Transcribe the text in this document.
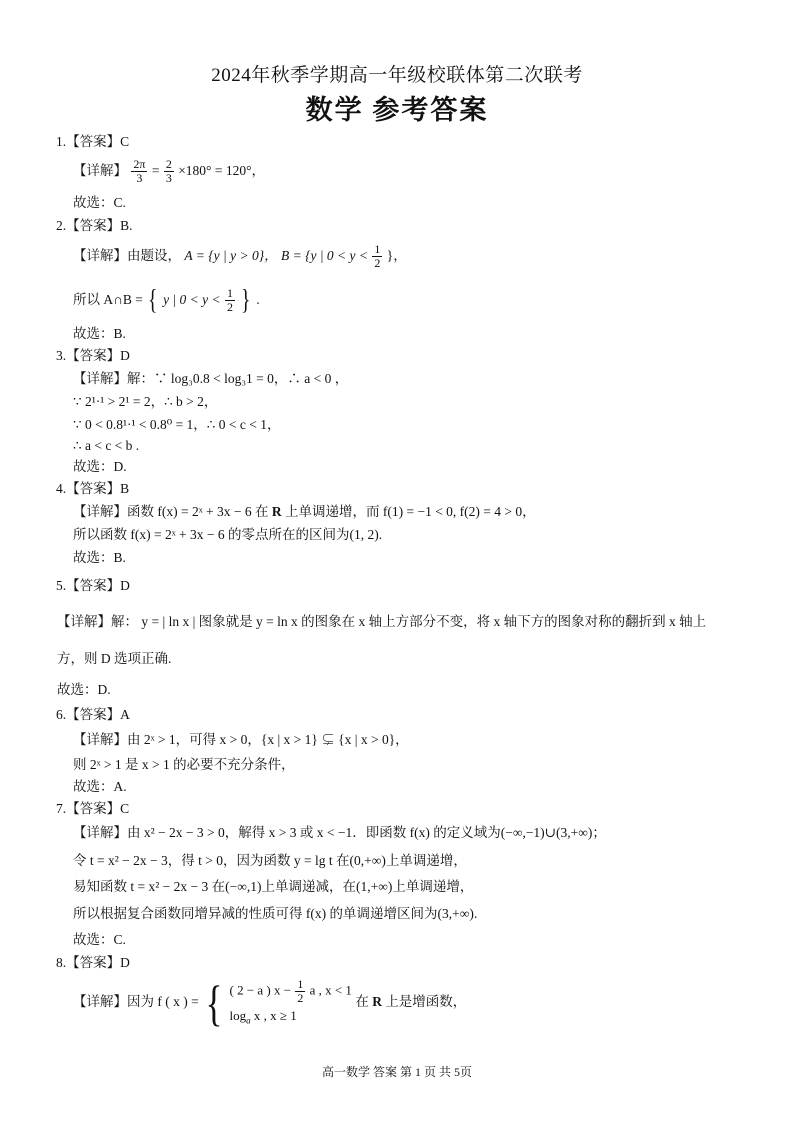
2024年秋季学期高一年级校联体第二次联考
数学 参考答案
1.【答案】C
【详解】 $\frac{2\pi}{3} = \frac{2}{3} \times 180^\circ = 120^\circ$，
故选：C.
2.【答案】B.
【详解】由题设， A = {y | y > 0}， B = {y | $0 < y < \frac{1}{2}$ }，
所以 A∩B = { y | $0 < y < \frac{1}{2}$ } .
故选：B.
3.【答案】D
【详解】解：∵ log₃0.8 < log₃1 = 0，∴ a < 0 ，
∵ 2¹·¹ > 2¹ = 2，∴ b > 2，
∵ 0 < 0.8¹·¹ < 0.8⁰ = 1，∴ 0 < c < 1，
∴ a < c < b .
故选：D.
4.【答案】B
【详解】函数 f(x) = 2ˣ + 3x − 6 在 R 上单调递增，而 f(1) = −1 < 0, f(2) = 4 > 0，
所以函数 f(x) = 2ˣ + 3x − 6 的零点所在的区间为(1, 2).
故选：B.
5.【答案】D
【详解】解： y = | ln x | 图象就是 y = ln x 的图象在 x 轴上方部分不变，将 x 轴下方的图象对称的翻折到 x 轴上
方，则 D 选项正确.
故选：D.
6.【答案】A
【详解】由 2ˣ > 1，可得 x > 0，{x | x > 1} ⊊ {x | x > 0}，
则 2ˣ > 1 是 x > 1 的必要不充分条件，
故选：A.
7.【答案】C
【详解】由 x² − 2x − 3 > 0，解得 x > 3 或 x < −1．即函数 f(x) 的定义域为(−∞,−1)∪(3,+∞)；
令 t = x² − 2x − 3，得 t > 0，因为函数 y = lg t 在(0,+∞)上单调递增，
易知函数 t = x² − 2x − 3 在(−∞,1)上单调递减，在(1,+∞)上单调递增，
所以根据复合函数同增异减的性质可得 f(x) 的单调递增区间为(3,+∞).
故选：C.
8.【答案】D
【详解】因为 f ( x ) = { ( 2 − a ) $x - \frac{1}{2}$ a , x < 1
$\log_a x$ , x ≥ 1
在 R 上是增函数，
高一数学 答案 第 1 页 共 5页
